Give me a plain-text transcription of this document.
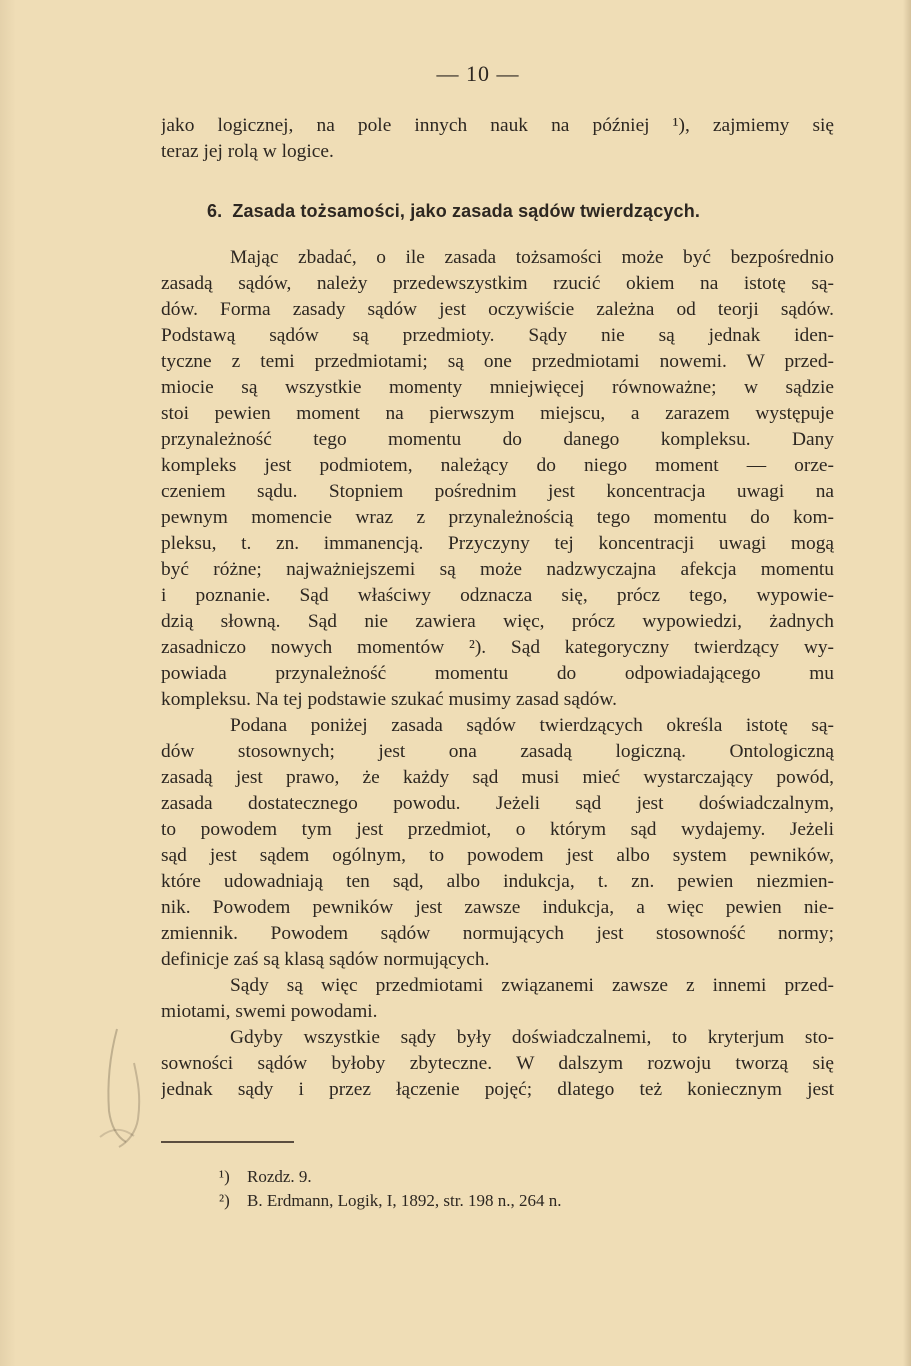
— 10 —
jako logicznej, na pole innych nauk na później ¹), zajmiemy się
teraz jej rolą w logice.
6. Zasada tożsamości, jako zasada sądów twierdzących.
Mając zbadać, o ile zasada tożsamości może być bezpośrednio
zasadą sądów, należy przedewszystkim rzucić okiem na istotę są-
dów. Forma zasady sądów jest oczywiście zależna od teorji sądów.
Podstawą sądów są przedmioty. Sądy nie są jednak iden-
tyczne z temi przedmiotami; są one przedmiotami nowemi. W przed-
miocie są wszystkie momenty mniejwięcej równoważne; w sądzie
stoi pewien moment na pierwszym miejscu, a zarazem występuje
przynależność tego momentu do danego kompleksu. Dany
kompleks jest podmiotem, należący do niego moment — orze-
czeniem sądu. Stopniem pośrednim jest koncentracja uwagi na
pewnym momencie wraz z przynależnością tego momentu do kom-
pleksu, t. zn. immanencją. Przyczyny tej koncentracji uwagi mogą
być różne; najważniejszemi są może nadzwyczajna afekcja momentu
i poznanie. Sąd właściwy odznacza się, prócz tego, wypowie-
dzią słowną. Sąd nie zawiera więc, prócz wypowiedzi, żadnych
zasadniczo nowych momentów ²). Sąd kategoryczny twierdzący wy-
powiada przynależność momentu do odpowiadającego mu
kompleksu. Na tej podstawie szukać musimy zasad sądów.
Podana poniżej zasada sądów twierdzących określa istotę są-
dów stosownych; jest ona zasadą logiczną. Ontologiczną
zasadą jest prawo, że każdy sąd musi mieć wystarczający powód,
zasada dostatecznego powodu. Jeżeli sąd jest doświadczalnym,
to powodem tym jest przedmiot, o którym sąd wydajemy. Jeżeli
sąd jest sądem ogólnym, to powodem jest albo system pewników,
które udowadniają ten sąd, albo indukcja, t. zn. pewien niezmien-
nik. Powodem pewników jest zawsze indukcja, a więc pewien nie-
zmiennik. Powodem sądów normujących jest stosowność normy;
definicje zaś są klasą sądów normujących.
Sądy są więc przedmiotami związanemi zawsze z innemi przed-
miotami, swemi powodami.
Gdyby wszystkie sądy były doświadczalnemi, to kryterjum sto-
sowności sądów byłoby zbyteczne. W dalszym rozwoju tworzą się
jednak sądy i przez łączenie pojęć; dlatego też koniecznym jest
¹) Rozdz. 9.
²) B. Erdmann, Logik, I, 1892, str. 198 n., 264 n.
